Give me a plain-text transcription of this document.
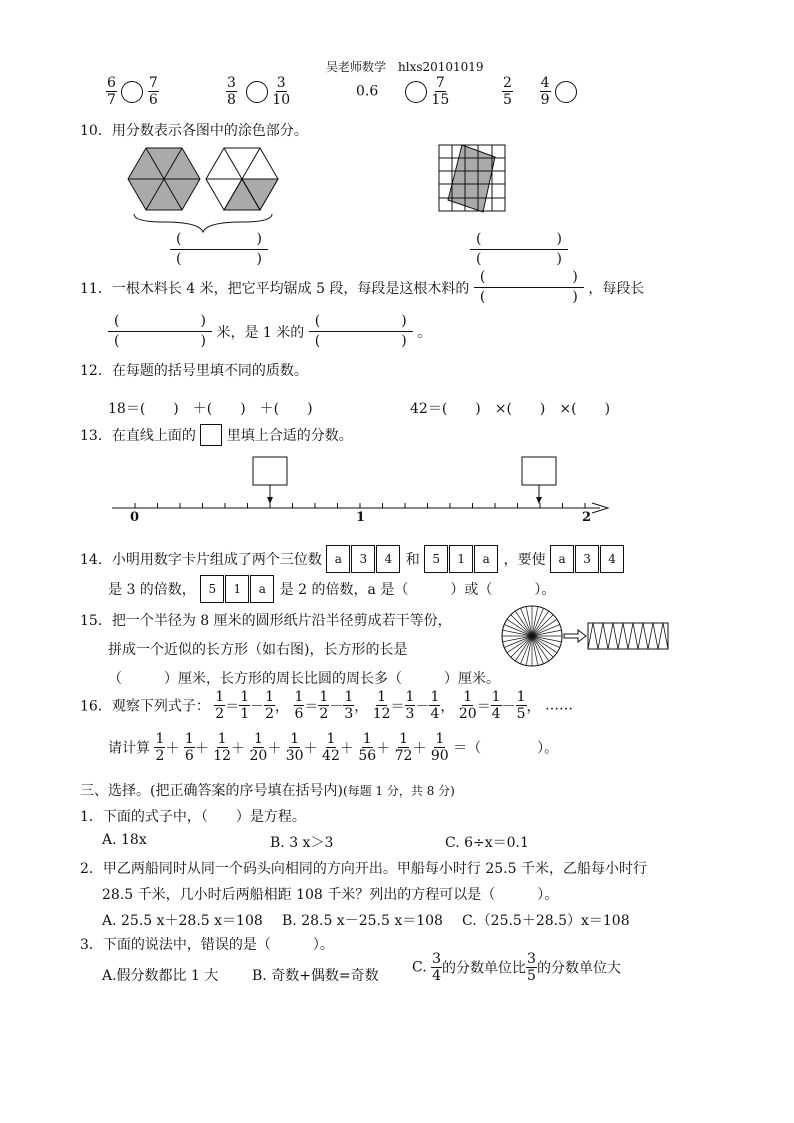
吴老师数学　hlxs20101019
$\frac{6}{7}$
$\frac{7}{6}$	$\frac{3}{8}$
	$\frac{3}{10}$	0.6	$\frac{7}{15}$	$\frac{2}{5}$
$\frac{4}{9}$

10．用分数表示各图中的涂色部分。
(	)
(	)
(	)
(	)
11．一根木料长 4 米，把它平均锯成 5 段，每段是这根木料的
(	)
(	)
，每段长
(	)
(	)
米，是 1 米的
(	)
(	)
。
12．在每题的括号里填不同的质数。
18＝(　　)　＋(　　)　＋(　　)	42＝(　　)　×(　　)　×(　　)
13．在直线上面的 里填上合适的分数。
0	1	2
14．小明用数字卡片组成了两个三位数 a 3 4 和 5 1 a ，要使 a 3 4
是 3 的倍数， 5 1 a 是 2 的倍数，a 是（　　　）或（　　　）。
15．把一个半径为 8 厘米的圆形纸片沿半径剪成若干等份，
拼成一个近似的长方形（如右图)，长方形的长是
（　　　）厘米，长方形的周长比圆的周长多（　　　）厘米。
16．观察下列式子： $\frac{1}{2} = \frac{1}{1} - \frac{1}{2}$ ， $\frac{1}{6} = \frac{1}{2} - \frac{1}{3}$ ， $\frac{1}{12} = \frac{1}{3} - \frac{1}{4}$ ， $\frac{1}{20} = \frac{1}{4} - \frac{1}{5}$ ， ……
请计算 $\frac{1}{2} + \frac{1}{6} + \frac{1}{12} + \frac{1}{20} + \frac{1}{30} + \frac{1}{42} + \frac{1}{56} + \frac{1}{72} + \frac{1}{90}$ ＝（　　　　）。
三、选择。(把正确答案的序号填在括号内)(每题 1 分，共 8 分)
1．下面的式子中，（　　）是方程。
A. 18x	B. 3 x＞3	C. 6÷x＝0.1
2．甲乙两船同时从同一个码头向相同的方向开出。甲船每小时行 25.5 千米，乙船每小时行
28.5 千米，几小时后两船相距 108 千米？列出的方程可以是（　　　）。
A. 25.5 x＋28.5 x＝108 B. 28.5 x－25.5 x＝108 C.（25.5＋28.5）x＝108
3．下面的说法中，错误的是（　　　）。
A.假分数都比 1 大 B. 奇数+偶数=奇数
C. $\frac{3}{4}$ 的分数单位比 $\frac{3}{5}$ 的分数单位大
